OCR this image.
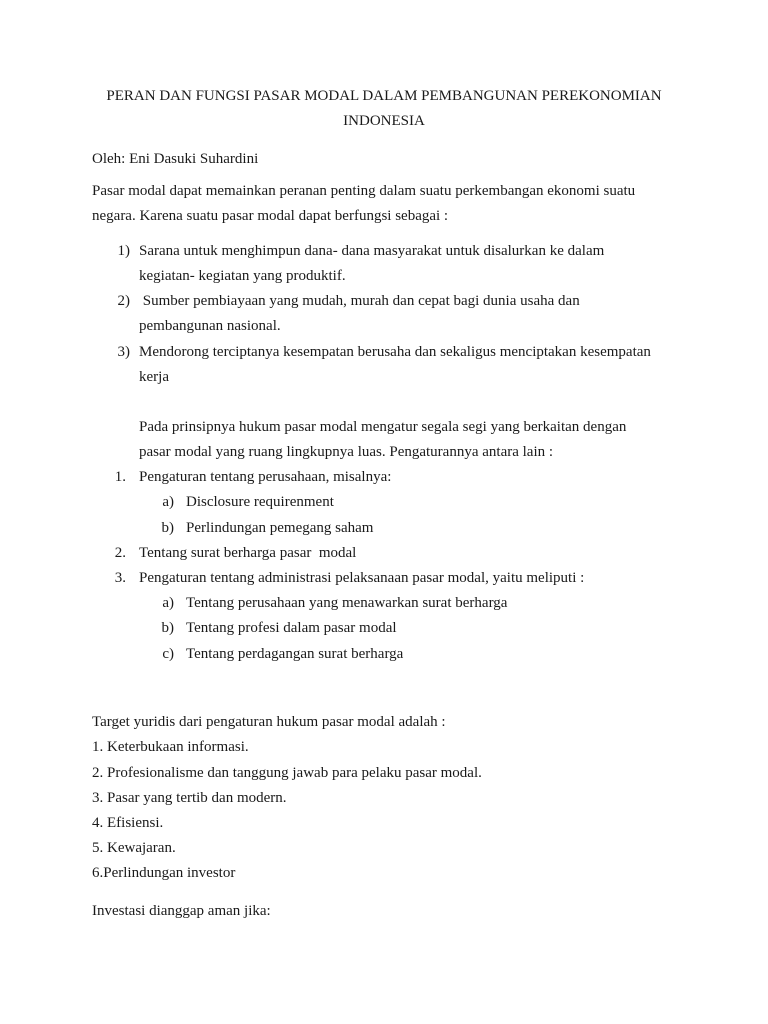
PERAN DAN FUNGSI PASAR MODAL DALAM PEMBANGUNAN PEREKONOMIAN
INDONESIA
Oleh: Eni Dasuki Suhardini
Pasar modal dapat memainkan peranan penting dalam suatu perkembangan ekonomi suatu
negara. Karena suatu pasar modal dapat berfungsi sebagai :
1) Sarana untuk menghimpun dana- dana masyarakat untuk disalurkan ke dalam
kegiatan- kegiatan yang produktif.
2) Sumber pembiayaan yang mudah, murah dan cepat bagi dunia usaha dan
pembangunan nasional.
3) Mendorong terciptanya kesempatan berusaha dan sekaligus menciptakan kesempatan
kerja
Pada prinsipnya hukum pasar modal mengatur segala segi yang berkaitan dengan
pasar modal yang ruang lingkupnya luas. Pengaturannya antara lain :
1. Pengaturan tentang perusahaan, misalnya:
a) Disclosure requirenment
b) Perlindungan pemegang saham
2. Tentang surat berharga pasar  modal
3. Pengaturan tentang administrasi pelaksanaan pasar modal, yaitu meliputi :
a) Tentang perusahaan yang menawarkan surat berharga
b) Tentang profesi dalam pasar modal
c) Tentang perdagangan surat berharga
Target yuridis dari pengaturan hukum pasar modal adalah :
1. Keterbukaan informasi.
2. Profesionalisme dan tanggung jawab para pelaku pasar modal.
3. Pasar yang tertib dan modern.
4. Efisiensi.
5. Kewajaran.
6.Perlindungan investor
Investasi dianggap aman jika:
